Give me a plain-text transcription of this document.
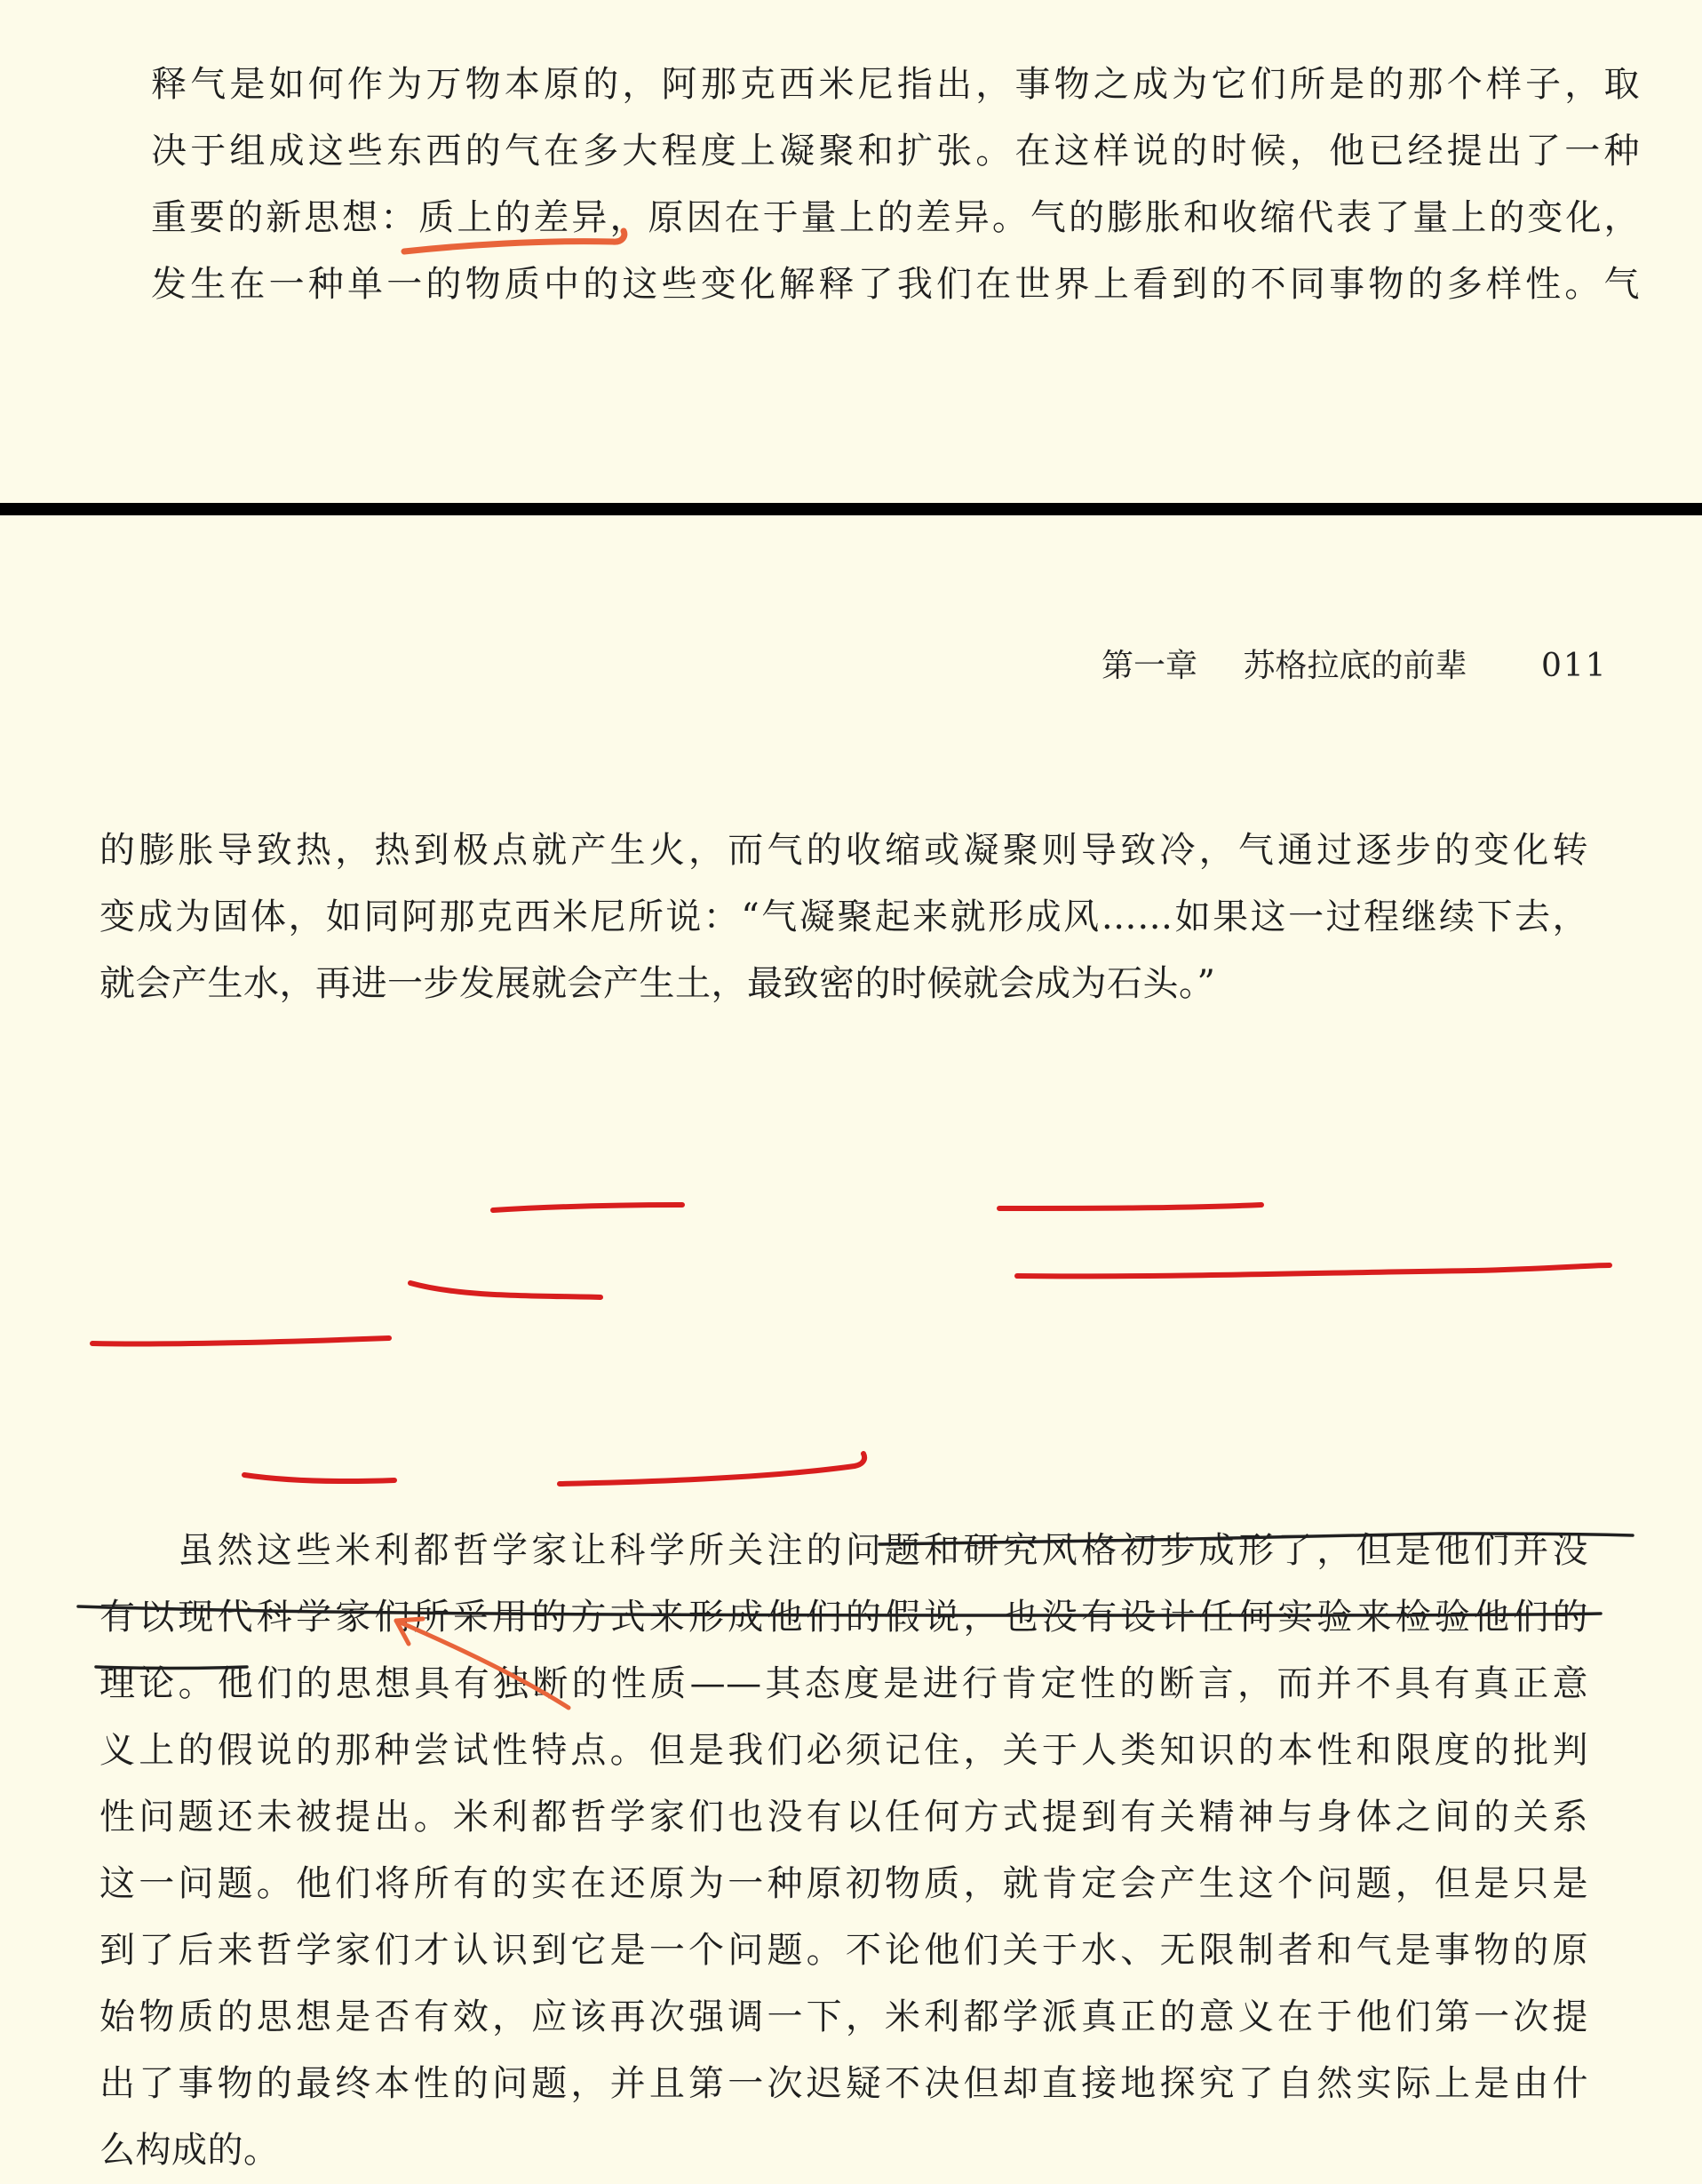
释气是如何作为万物本原的，阿那克西米尼指出，事物之成为它们所是的那个样子，取
决于组成这些东西的气在多大程度上凝聚和扩张。在这样说的时候，他已经提出了一种
重要的新思想：质上的差异，原因在于量上的差异。气的膨胀和收缩代表了量上的变化，
发生在一种单一的物质中的这些变化解释了我们在世界上看到的不同事物的多样性。气

第一章 苏格拉底的前辈 011

的膨胀导致热，热到极点就产生火，而气的收缩或凝聚则导致冷，气通过逐步的变化转
变成为固体，如同阿那克西米尼所说：“气凝聚起来就形成风……如果这一过程继续下去，
就会产生水，再进一步发展就会产生土，最致密的时候就会成为石头。”

　　虽然这些米利都哲学家让科学所关注的问题和研究风格初步成形了，但是他们并没
有以现代科学家们所采用的方式来形成他们的假说，也没有设计任何实验来检验他们的
理论。他们的思想具有独断的性质——其态度是进行肯定性的断言，而并不具有真正意
义上的假说的那种尝试性特点。但是我们必须记住，关于人类知识的本性和限度的批判
性问题还未被提出。米利都哲学家们也没有以任何方式提到有关精神与身体之间的关系
这一问题。他们将所有的实在还原为一种原初物质，就肯定会产生这个问题，但是只是
到了后来哲学家们才认识到它是一个问题。不论他们关于水、无限制者和气是事物的原
始物质的思想是否有效，应该再次强调一下，米利都学派真正的意义在于他们第一次提
出了事物的最终本性的问题，并且第一次迟疑不决但却直接地探究了自然实际上是由什
么构成的。
